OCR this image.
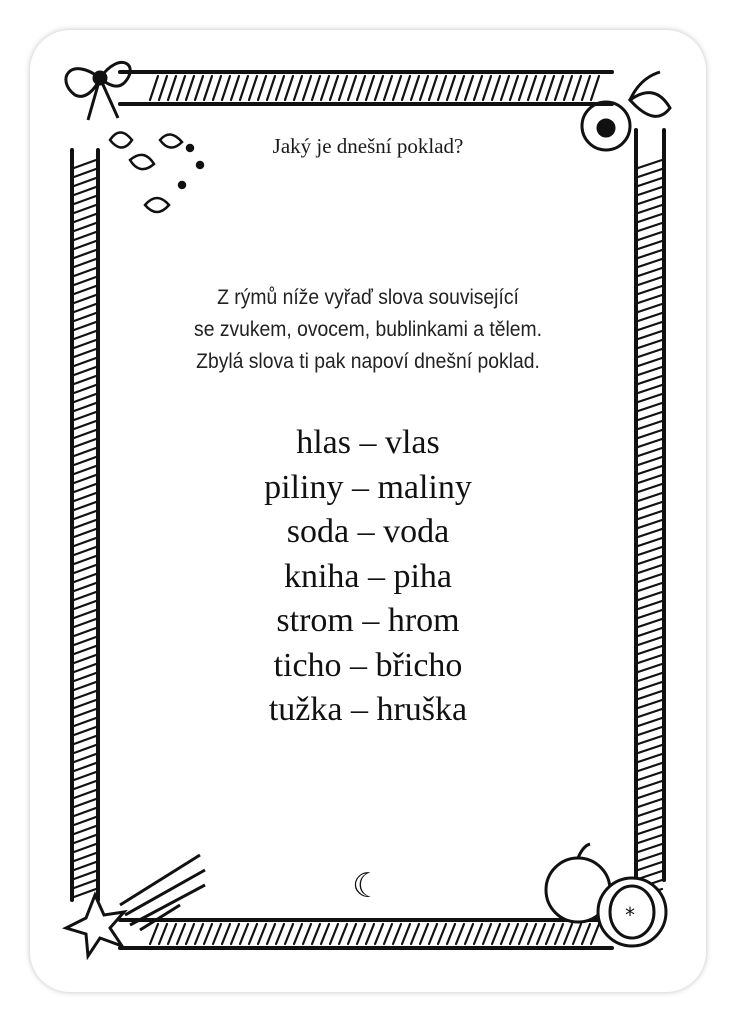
*
Jaký je dnešní poklad?
Z rýmů níže vyřaď slova související
se zvukem, ovocem, bublinkami a tělem.
Zbylá slova ti pak napoví dnešní poklad.
hlas – vlas
piliny – maliny
soda – voda
kniha – piha
strom – hrom
ticho – břicho
tužka – hruška
☾
